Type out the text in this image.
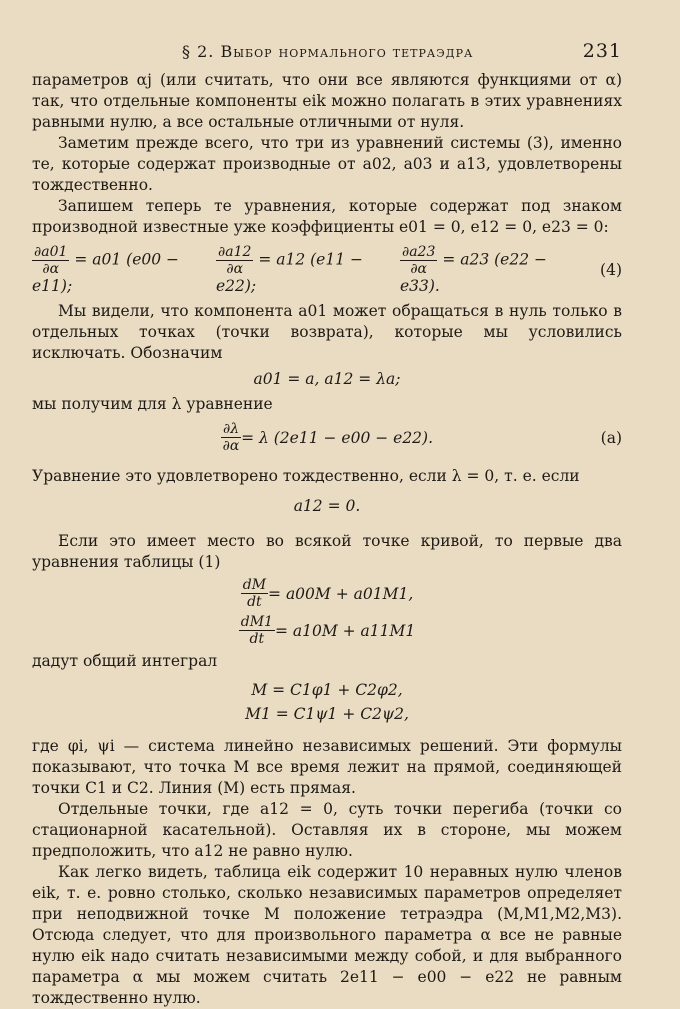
§ 2. Выбор нормального тетраэдра	231

параметров αj (или считать, что они все являются функциями от α) так, что отдельные компоненты eik можно полагать в этих уравнениях равными нулю, а все остальные отличными от нуля.

Заметим прежде всего, что три из уравнений системы (3), именно те, которые содержат производные от a02, a03 и a13, удовлетворены тождественно.

Запишем теперь те уравнения, которые содержат под знаком производной известные уже коэффициенты e01 = 0, e12 = 0, e23 = 0:

$\frac{\partial a01}{\partial\alpha} = a01$ (e00 − e11);
$\frac{\partial a12}{\partial\alpha} = a12$ (e11 − e22);
$\frac{\partial a23}{\partial\alpha} = a23$ (e22 − e33).
(4)

Мы видели, что компонента a01 может обращаться в нуль только в отдельных точках (точки возврата), которые мы условились исключать. Обозначим

a01 = a, a12 = λa;

мы получим для λ уравнение

$\frac{\partial\lambda}{\partial\alpha} = \lambda$ (2e11 − e00 − e22).	(a)

Уравнение это удовлетворено тождественно, если λ = 0, т. е. если

a12 = 0.

Если это имеет место во всякой точке кривой, то первые два уравнения таблицы (1)

$\frac{dM}{dt} = a00M + a01M1$,
$\frac{dM1}{dt} = a10M + a11M1$

дадут общий интеграл

M = C1φ1 + C2φ2,
M1 = C1ψ1 + C2ψ2,

где φi, ψi — система линейно независимых решений. Эти формулы показывают, что точка M все время лежит на прямой, соединяющей точки C1 и C2. Линия (M) есть прямая.

Отдельные точки, где a12 = 0, суть точки перегиба (точки со стационарной касательной). Оставляя их в стороне, мы можем предположить, что a12 не равно нулю.

Как легко видеть, таблица eik содержит 10 неравных нулю членов eik, т. е. ровно столько, сколько независимых параметров определяет при неподвижной точке M положение тетраэдра (M,M1,M2,M3). Отсюда следует, что для произвольного параметра α все не равные нулю eik надо считать независимыми между собой, и для выбранного параметра α мы можем считать 2e11 − e00 − e22 не равным тождественно нулю.
